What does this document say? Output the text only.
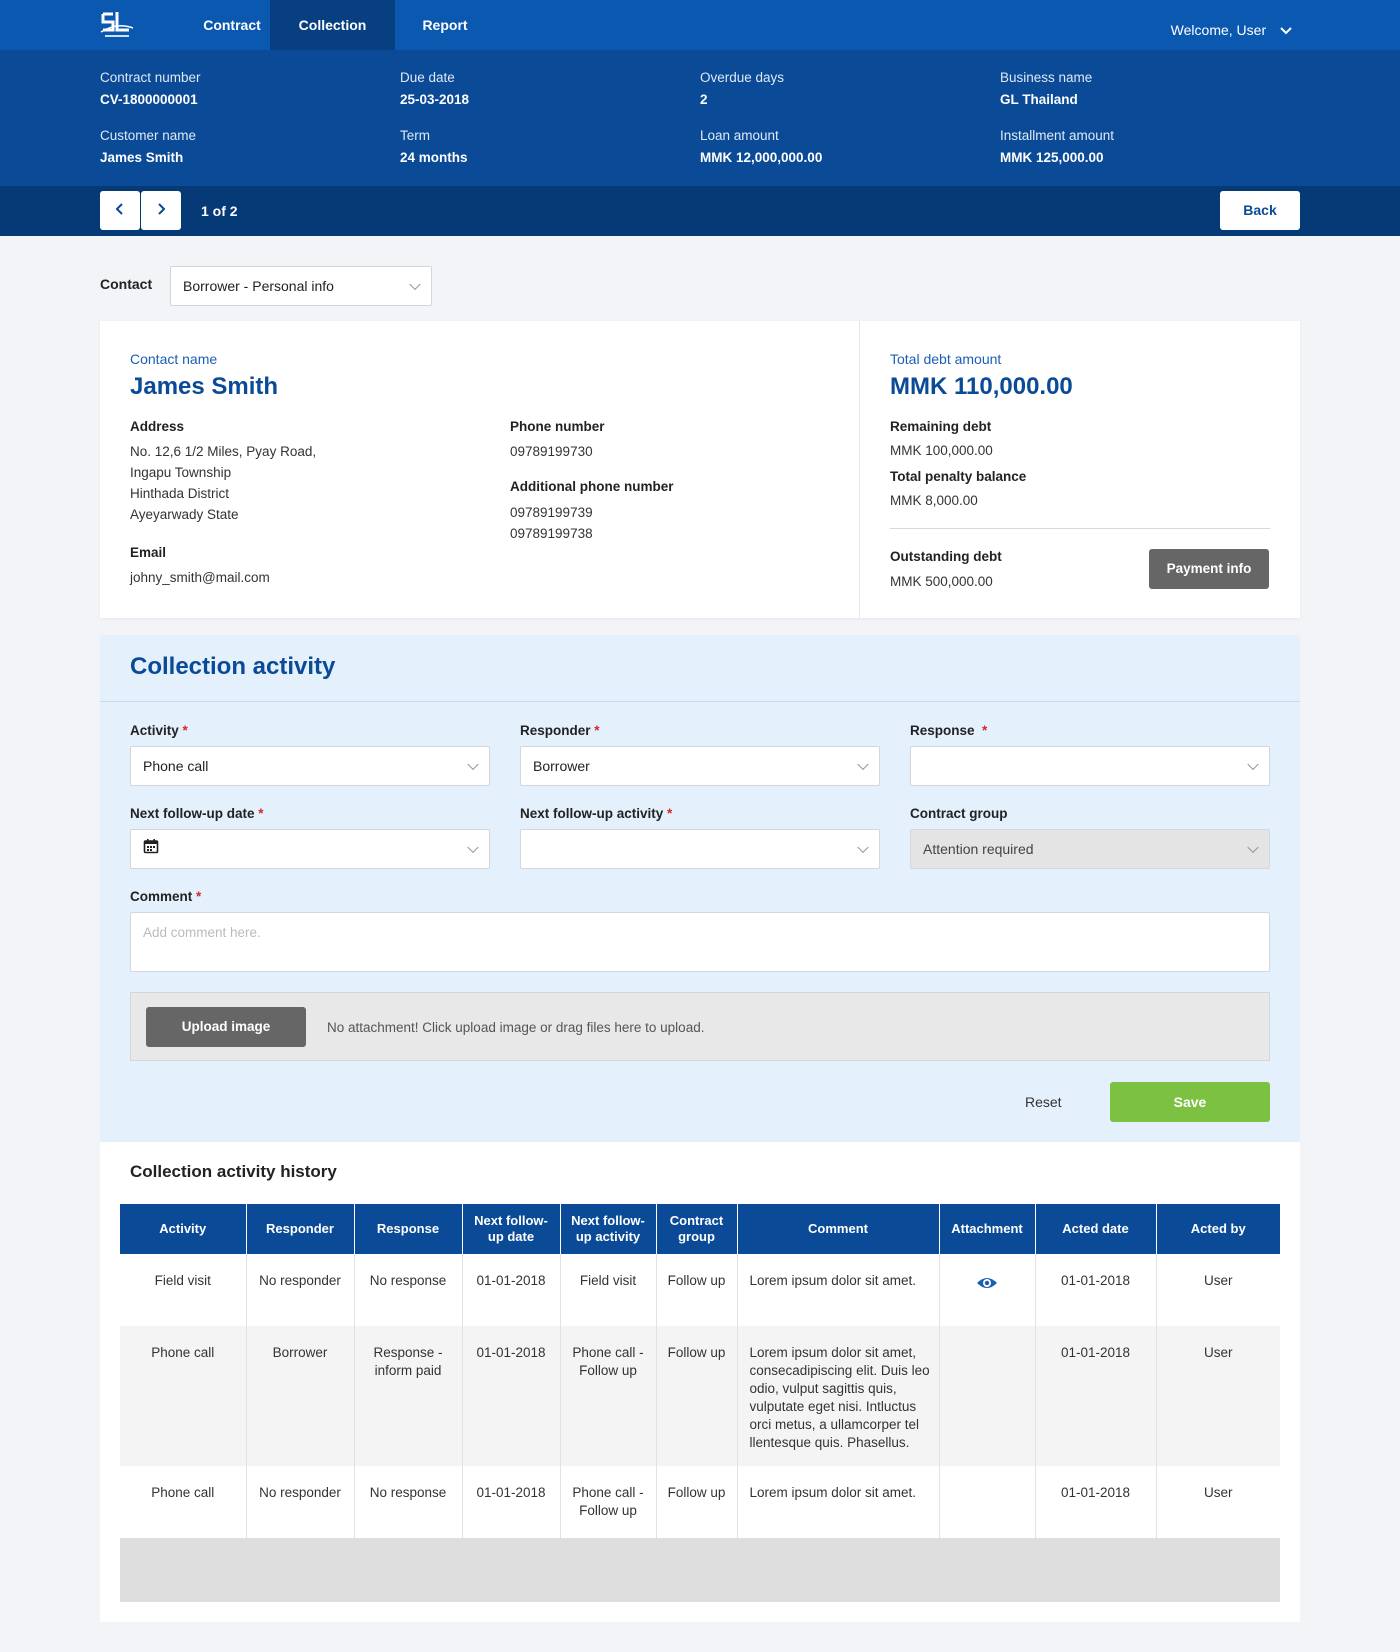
Contract	Collection	Report	Welcome, User
Contract number
CV-1800000001
Due date
25-03-2018
Overdue days
2
Business name
GL Thailand
Customer name
James Smith
Term
24 months
Loan amount
MMK 12,000,000.00
Installment amount
MMK 125,000.00
1 of 2	Back
Contact	Borrower - Personal info
Contact name
James Smith
Address
No. 12,6 1/2 Miles, Pyay Road,
Ingapu Township
Hinthada District
Ayeyarwady State
Email
johny_smith@mail.com
Phone number
09789199730
Additional phone number
09789199739
09789199738
Total debt amount
MMK 110,000.00
Remaining debt
MMK 100,000.00
Total penalty balance
MMK 8,000.00
Outstanding debt
MMK 500,000.00
Payment info
Collection activity
Activity *
Phone call
Responder *
Borrower
Response *
Next follow-up date *	Next follow-up activity *	Contract group
Attention required
Comment *
Add comment here.
Upload image	No attachment! Click upload image or drag files here to upload.
Reset	Save
Collection activity history
Activity	Responder	Response	Next follow-up date	Next follow-up activity	Contract group	Comment	Attachment	Acted date	Acted by
Field visit	No responder	No response	01-01-2018	Field visit	Follow up	Lorem ipsum dolor sit amet.		01-01-2018	User
Phone call	Borrower	Response - inform paid	01-01-2018	Phone call - Follow up	Follow up	Lorem ipsum dolor sit amet, consecadipiscing elit. Duis leo odio, vulput sagittis quis, vulputate eget nisi. Intluctus orci metus, a ullamcorper tel llentesque quis. Phasellus.		01-01-2018	User
Phone call	No responder	No response	01-01-2018	Phone call - Follow up	Follow up	Lorem ipsum dolor sit amet.		01-01-2018	User
